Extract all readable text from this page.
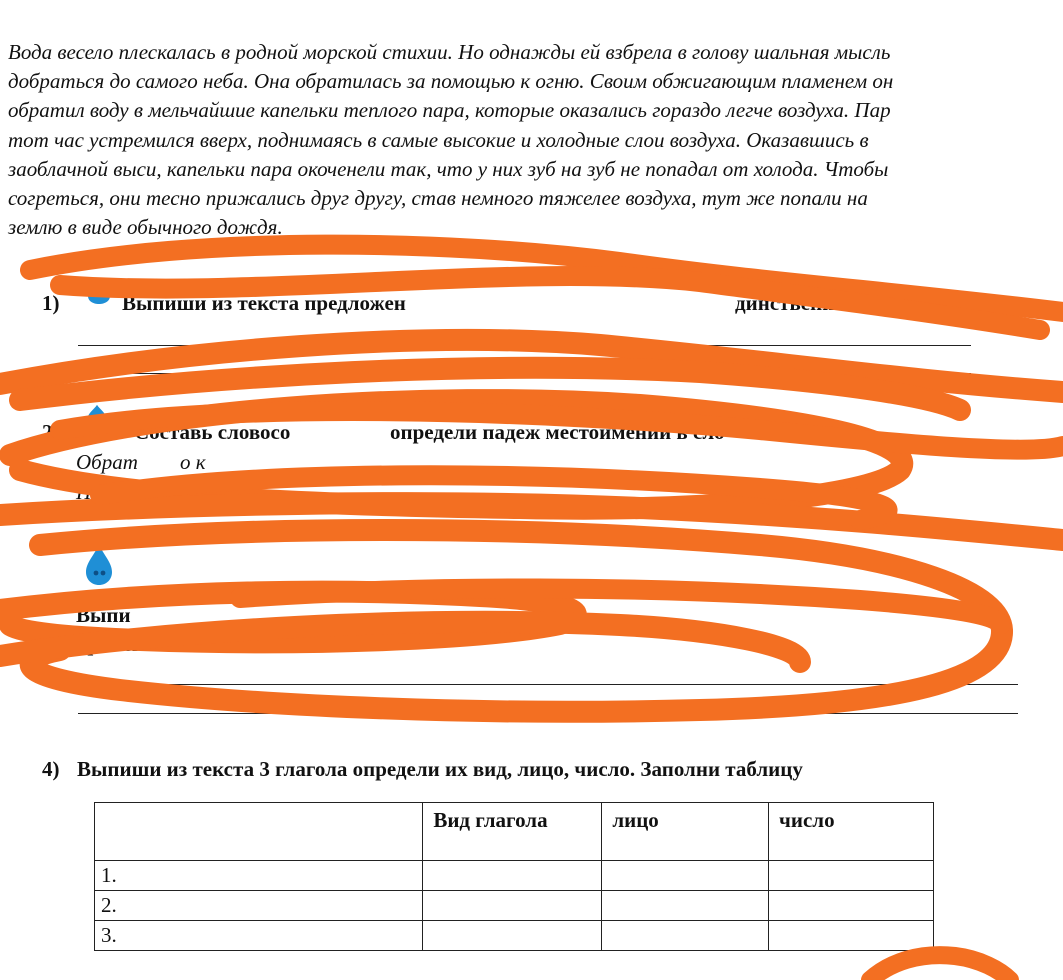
Вода весело плескалась в родной морской стихии. Но однажды ей взбрела в голову шальная мысль
добраться до самого неба. Она обратилась за помощью к огню. Своим обжигающим пламенем он
обратил воду в мельчайшие капельки теплого пара, которые оказались гораздо легче воздуха. Пар
тот час устремился вверх, поднимаясь в самые высокие и холодные слои воздуха. Оказавшись в
заоблачной выси, капельки пара окоченели так, что у них зуб на зуб не попадал от холода. Чтобы
согреться, они тесно прижались друг другу, став немного тяжелее воздуха, тут же попали на
землю в виде обычного дождя.
1)	Выпиши из текста предложен	динственного числа.
.
2)	Составь словосо	определи падеж местоимений в сло
Обрат о к
П р
Выпи
времени
4) Выпиши из текста 3 глагола определи их вид, лицо, число. Заполни таблицу
	Вид глагола	лицо	число
1.			
2.			
3.			
